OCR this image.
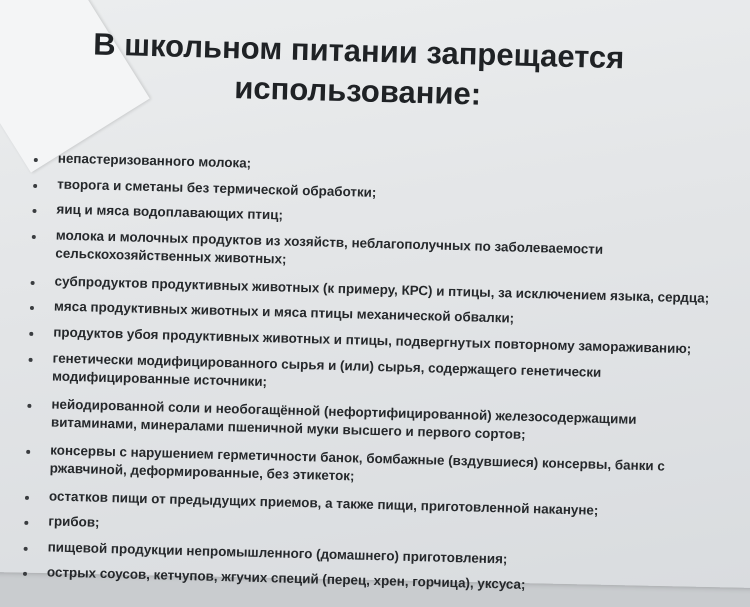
В школьном питании запрещается
использование:
непастеризованного молока;
творога и сметаны без термической обработки;
яиц и мяса водоплавающих птиц;
молока и молочных продуктов из хозяйств, неблагополучных по заболеваемости сельскохозяйственных животных;
субпродуктов продуктивных животных (к примеру, КРС) и птицы, за исключением языка, сердца;
мяса продуктивных животных и мяса птицы механической обвалки;
продуктов убоя продуктивных животных и птицы, подвергнутых повторному замораживанию;
генетически модифицированного сырья и (или) сырья, содержащего генетически модифицированные источники;
нейодированной соли и необогащённой (нефортифицированной) железосодержащими витаминами, минералами пшеничной муки высшего и первого сортов;
консервы с нарушением герметичности банок, бомбажные (вздувшиеся) консервы, банки с ржавчиной, деформированные, без этикеток;
остатков пищи от предыдущих приемов, а также пищи, приготовленной накануне;
грибов;
пищевой продукции непромышленного (домашнего) приготовления;
острых соусов, кетчупов, жгучих специй (перец, хрен, горчица), уксуса;
